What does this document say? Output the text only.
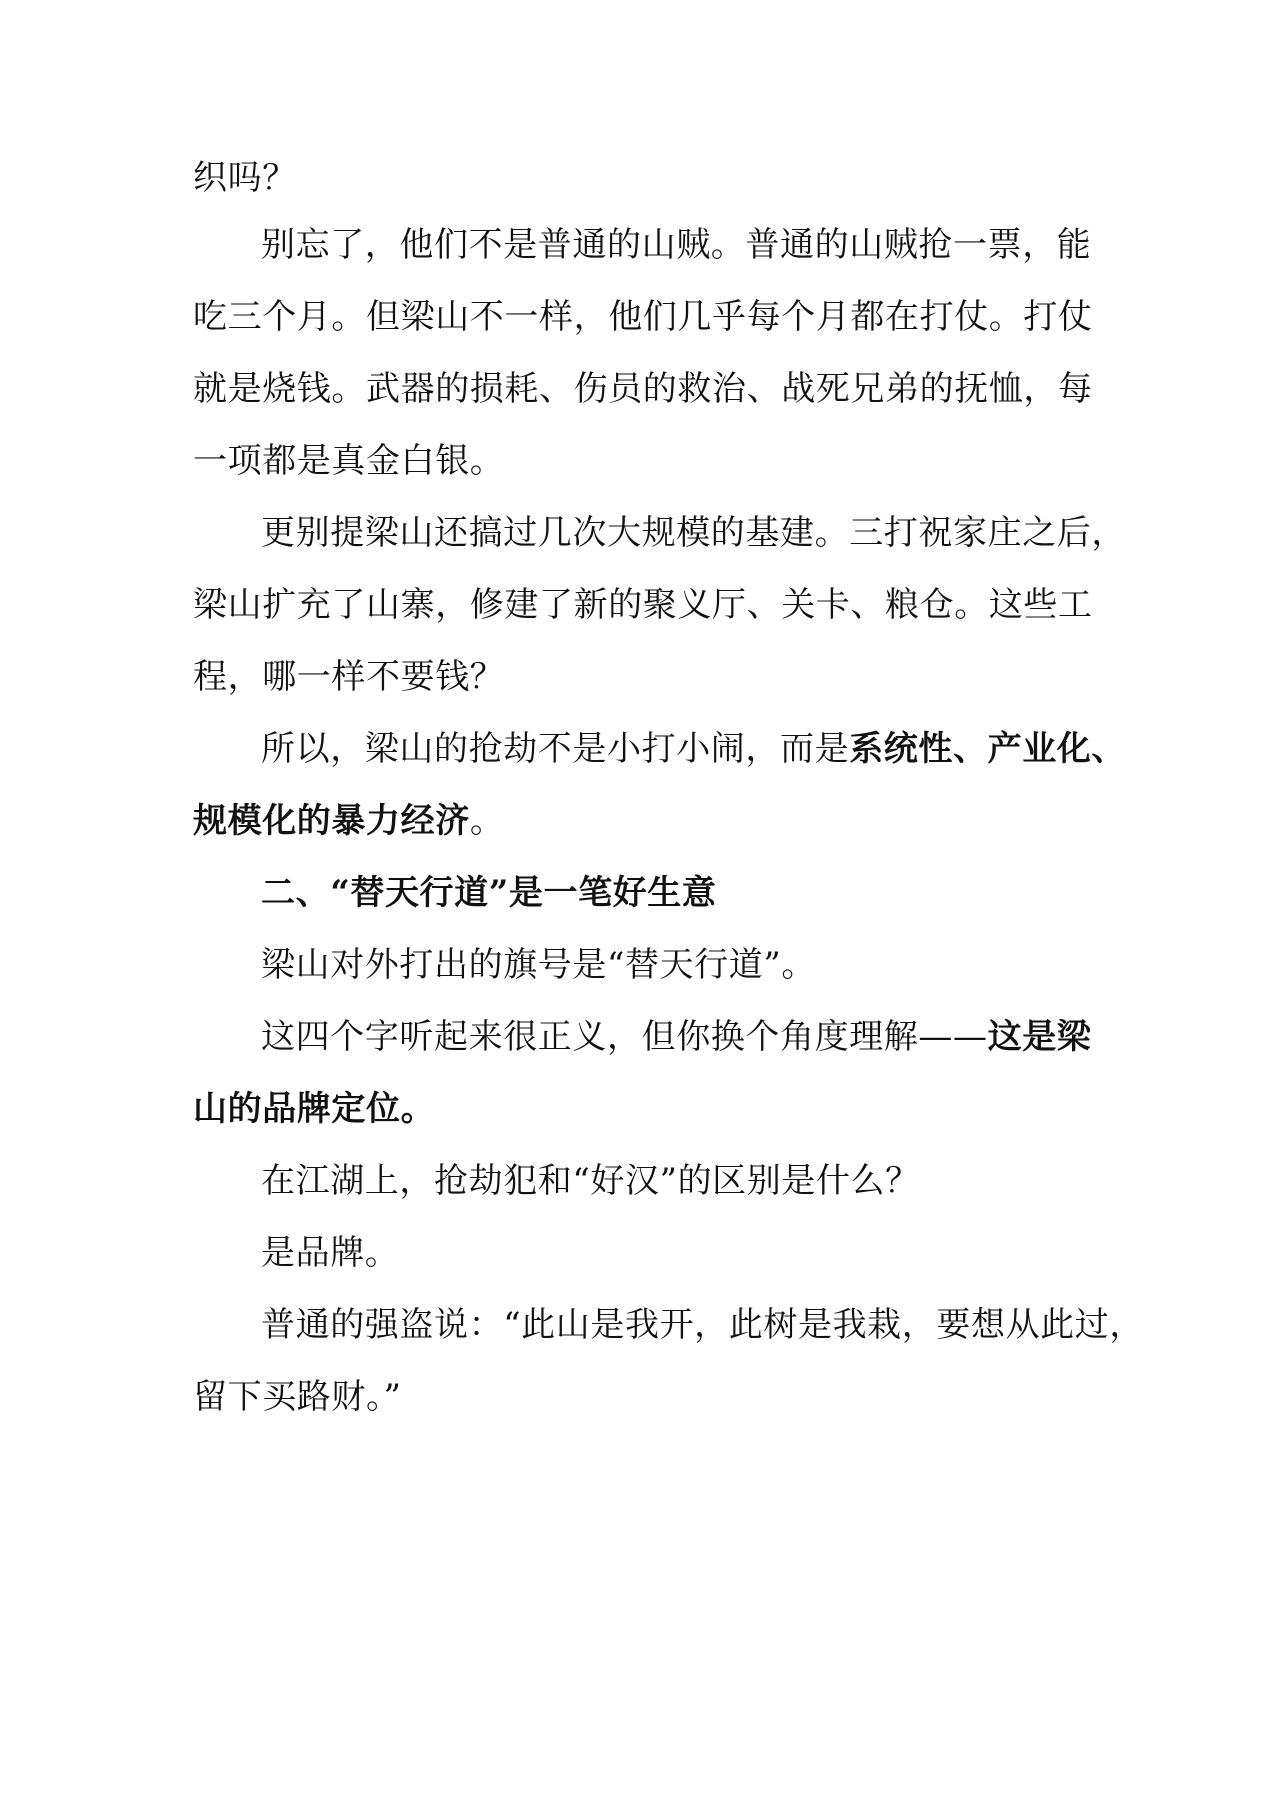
织吗？
别忘了，他们不是普通的山贼。普通的山贼抢一票，能
吃三个月。但梁山不一样，他们几乎每个月都在打仗。打仗
就是烧钱。武器的损耗、伤员的救治、战死兄弟的抚恤，每
一项都是真金白银。
更别提梁山还搞过几次大规模的基建。三打祝家庄之后，
梁山扩充了山寨，修建了新的聚义厅、关卡、粮仓。这些工
程，哪一样不要钱？
所以，梁山的抢劫不是小打小闹，而是系统性、产业化、
规模化的暴力经济。
二、“替天行道”是一笔好生意
梁山对外打出的旗号是“替天行道”。
这四个字听起来很正义，但你换个角度理解——这是梁
山的品牌定位。
在江湖上，抢劫犯和“好汉”的区别是什么？
是品牌。
普通的强盗说：“此山是我开，此树是我栽，要想从此过，
留下买路财。”
